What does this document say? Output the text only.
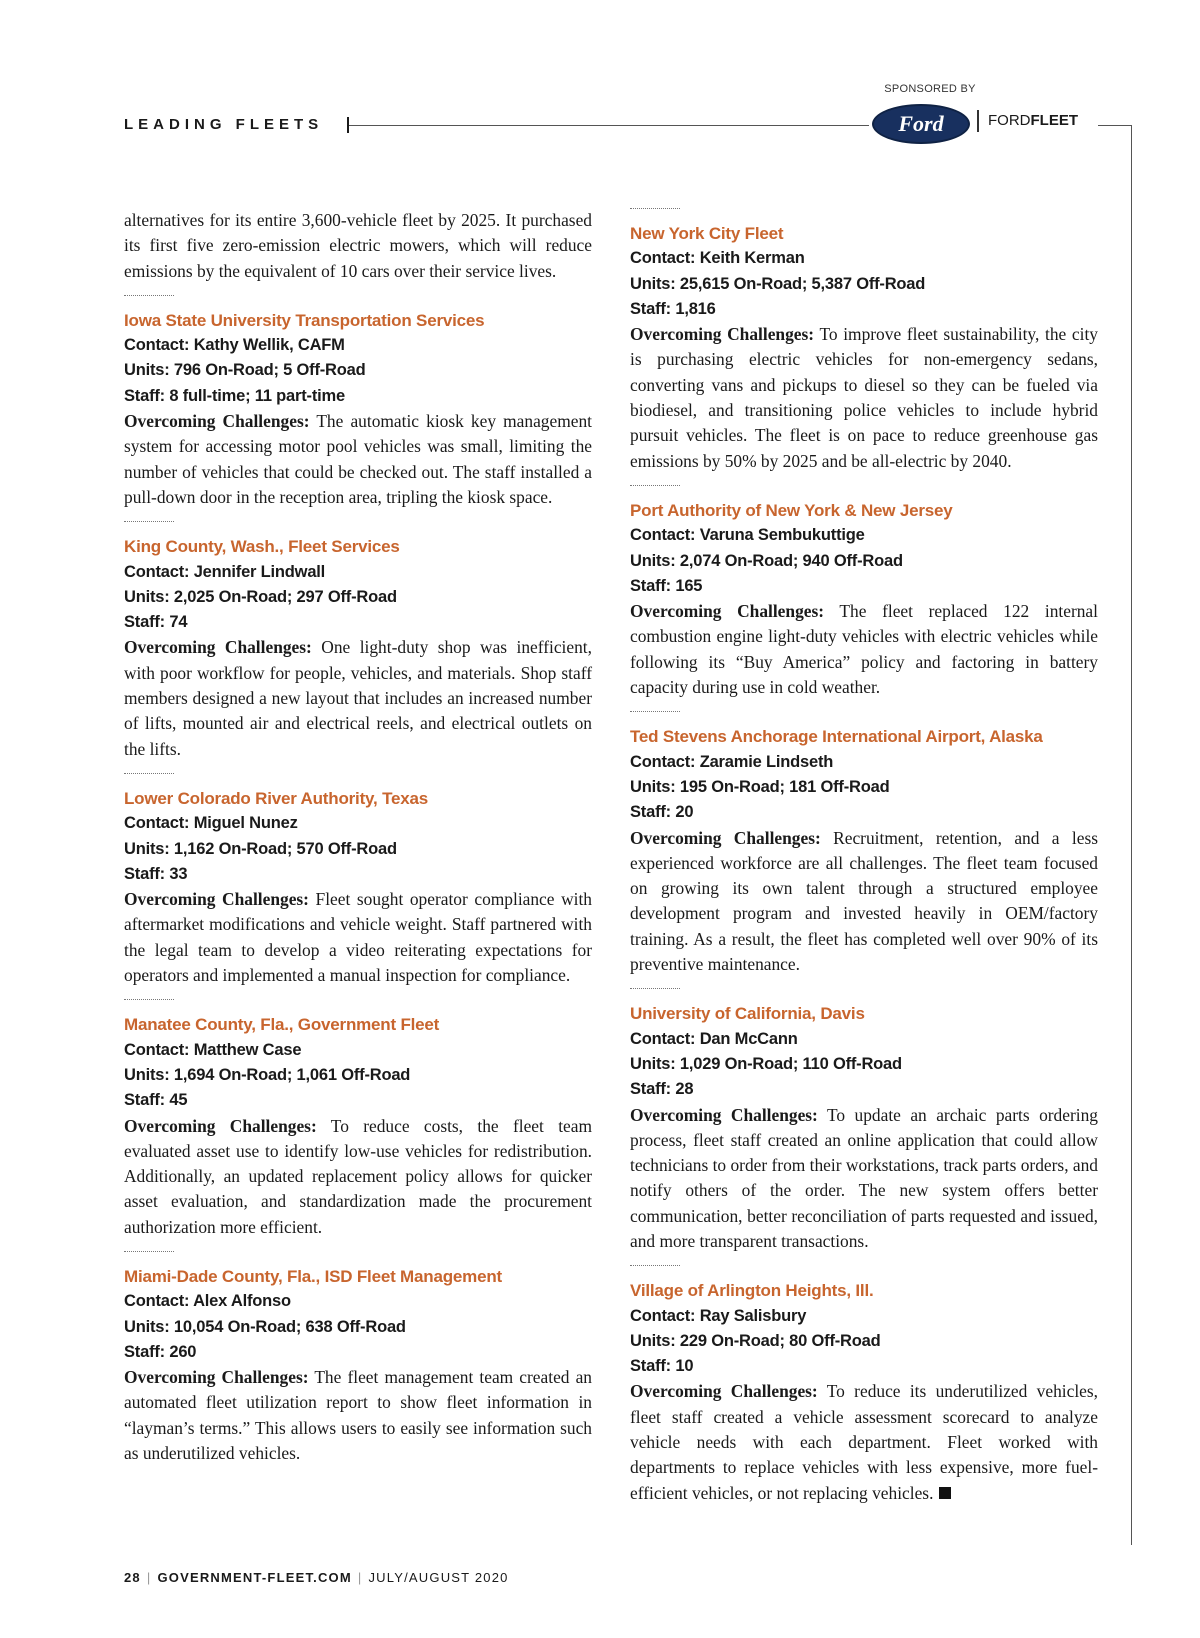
LEADING FLEETS
SPONSORED BY
Ford	FORDFLEET

alternatives for its entire 3,600-vehicle fleet by 2025. It purchased its first five zero-emission electric mowers, which will reduce emissions by the equivalent of 10 cars over their service lives.

Iowa State University Transportation Services
Contact: Kathy Wellik, CAFM
Units: 796 On-Road; 5 Off-Road
Staff: 8 full-time; 11 part-time

Overcoming Challenges: The automatic kiosk key management system for accessing motor pool vehicles was small, limiting the number of vehicles that could be checked out. The staff installed a pull-down door in the reception area, tripling the kiosk space.

King County, Wash., Fleet Services
Contact: Jennifer Lindwall
Units: 2,025 On-Road; 297 Off-Road
Staff: 74

Overcoming Challenges: One light-duty shop was inefficient, with poor workflow for people, vehicles, and materials. Shop staff members designed a new layout that includes an increased number of lifts, mounted air and electrical reels, and electrical outlets on the lifts.

Lower Colorado River Authority, Texas
Contact: Miguel Nunez
Units: 1,162 On-Road; 570 Off-Road
Staff: 33

Overcoming Challenges: Fleet sought operator compliance with aftermarket modifications and vehicle weight. Staff partnered with the legal team to develop a video reiterating expectations for operators and implemented a manual inspection for compliance.

Manatee County, Fla., Government Fleet
Contact: Matthew Case
Units: 1,694 On-Road; 1,061 Off-Road
Staff: 45

Overcoming Challenges: To reduce costs, the fleet team evaluated asset use to identify low-use vehicles for redistribution. Additionally, an updated replacement policy allows for quicker asset evaluation, and standardization made the procurement authorization more efficient.

Miami-Dade County, Fla., ISD Fleet Management
Contact: Alex Alfonso
Units: 10,054 On-Road; 638 Off-Road
Staff: 260

Overcoming Challenges: The fleet management team created an automated fleet utilization report to show fleet information in “layman’s terms.” This allows users to easily see information such as underutilized vehicles.

New York City Fleet
Contact: Keith Kerman
Units: 25,615 On-Road; 5,387 Off-Road
Staff: 1,816

Overcoming Challenges: To improve fleet sustainability, the city is purchasing electric vehicles for non-emergency sedans, converting vans and pickups to diesel so they can be fueled via biodiesel, and transitioning police vehicles to include hybrid pursuit vehicles. The fleet is on pace to reduce greenhouse gas emissions by 50% by 2025 and be all-electric by 2040.

Port Authority of New York & New Jersey
Contact: Varuna Sembukuttige
Units: 2,074 On-Road; 940 Off-Road
Staff: 165

Overcoming Challenges: The fleet replaced 122 internal combustion engine light-duty vehicles with electric vehicles while following its “Buy America” policy and factoring in battery capacity during use in cold weather.

Ted Stevens Anchorage International Airport, Alaska
Contact: Zaramie Lindseth
Units: 195 On-Road; 181 Off-Road
Staff: 20

Overcoming Challenges: Recruitment, retention, and a less experienced workforce are all challenges. The fleet team focused on growing its own talent through a structured employee development program and invested heavily in OEM/factory training. As a result, the fleet has completed well over 90% of its preventive maintenance.

University of California, Davis
Contact: Dan McCann
Units: 1,029 On-Road; 110 Off-Road
Staff: 28

Overcoming Challenges: To update an archaic parts ordering process, fleet staff created an online application that could allow technicians to order from their workstations, track parts orders, and notify others of the order. The new system offers better communication, better reconciliation of parts requested and issued, and more transparent transactions.

Village of Arlington Heights, Ill.
Contact: Ray Salisbury
Units: 229 On-Road; 80 Off-Road
Staff: 10

Overcoming Challenges: To reduce its underutilized vehicles, fleet staff created a vehicle assessment scorecard to analyze vehicle needs with each department. Fleet worked with departments to replace vehicles with less expensive, more fuel-efficient vehicles, or not replacing vehicles.

28 | GOVERNMENT-FLEET.COM | JULY/AUGUST 2020
